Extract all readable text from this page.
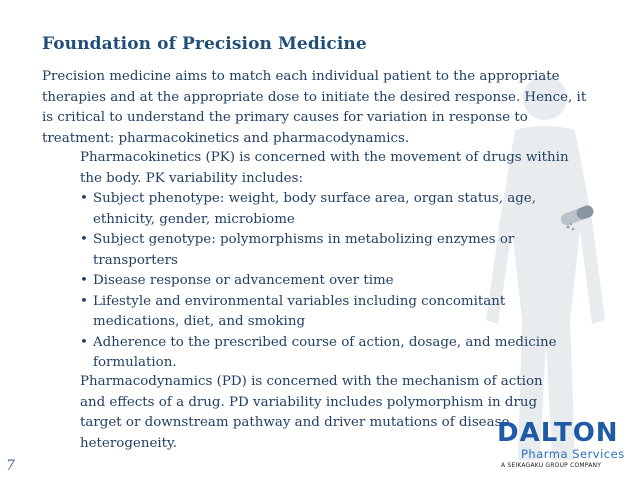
Foundation of Precision Medicine
Precision medicine aims to match each individual patient to the appropriate therapies and at the appropriate dose to initiate the desired response. Hence, it is critical to understand the primary causes for variation in response to treatment: pharmacokinetics and pharmacodynamics.
Pharmacokinetics (PK) is concerned with the movement of drugs within the body. PK variability includes:
• Subject phenotype: weight, body surface area, organ status, age, ethnicity, gender, microbiome
• Subject genotype: polymorphisms in metabolizing enzymes or transporters
• Disease response or advancement over time
• Lifestyle and environmental variables including concomitant medications, diet, and smoking
• Adherence to the prescribed course of action, dosage, and medicine formulation.
Pharmacodynamics (PD) is concerned with the mechanism of action and effects of a drug. PD variability includes polymorphism in drug target or downstream pathway and driver mutations of disease heterogeneity.
7
DALTON
Pharma Services
A SEIKAGAKU GROUP COMPANY
